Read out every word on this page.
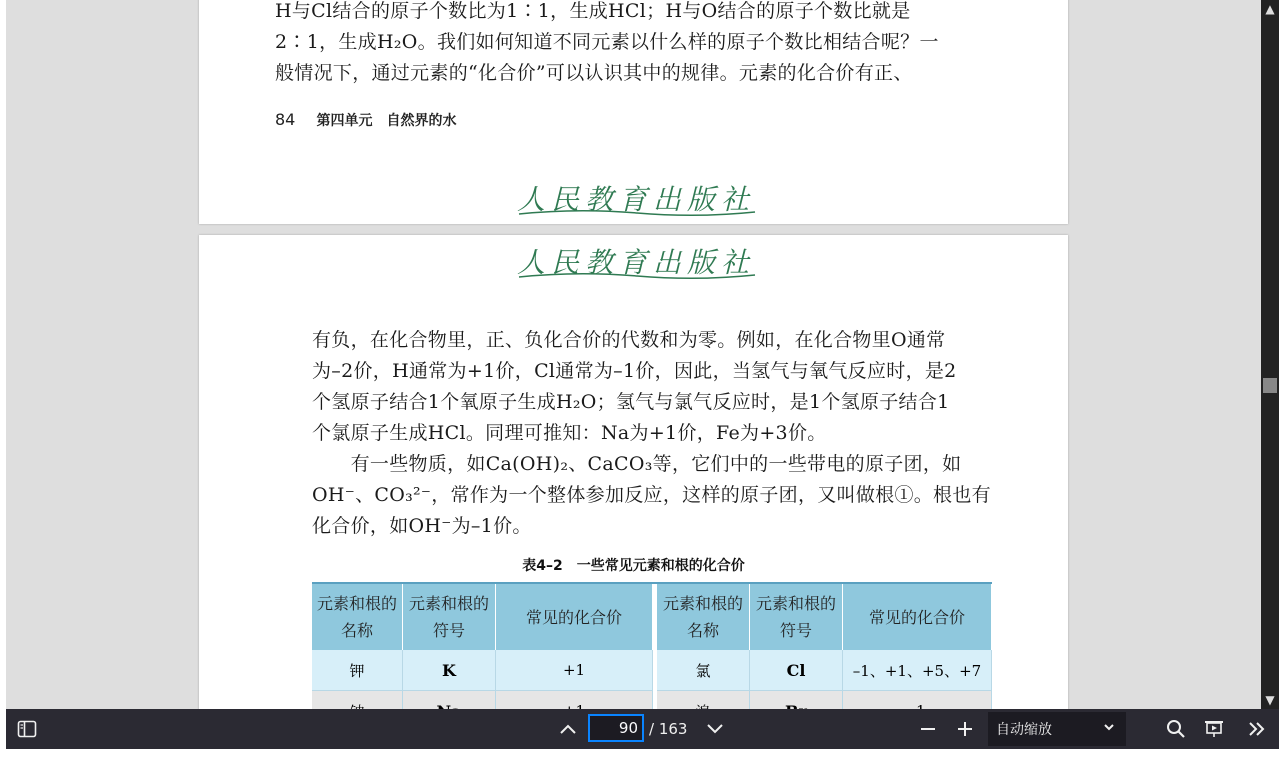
H与Cl结合的原子个数比为1∶1，生成HCl；H与O结合的原子个数比就是
2∶1，生成H₂O。我们如何知道不同元素以什么样的原子个数比相结合呢？一
般情况下，通过元素的“化合价”可以认识其中的规律。元素的化合价有正、
84 第四单元　自然界的水
人民教育出版社
人民教育出版社
有负，在化合物里，正、负化合价的代数和为零。例如，在化合物里O通常
为–2价，H通常为+1价，Cl通常为–1价，因此，当氢气与氧气反应时，是2
个氢原子结合1个氧原子生成H₂O；氢气与氯气反应时，是1个氢原子结合1
个氯原子生成HCl。同理可推知：Na为+1价，Fe为+3价。
　　有一些物质，如Ca(OH)₂、CaCO₃等，它们中的一些带电的原子团，如
OH⁻、CO₃²⁻，常作为一个整体参加反应，这样的原子团，又叫做根①。根也有
化合价，如OH⁻为–1价。
表4–2　一些常见元素和根的化合价
元素和根的名称	元素和根的符号	常见的化合价		元素和根的名称	元素和根的符号	常见的化合价
钾	K	+1		氯	Cl	–1、+1、+5、+7

▲
▼
90
/ 163	自动缩放
